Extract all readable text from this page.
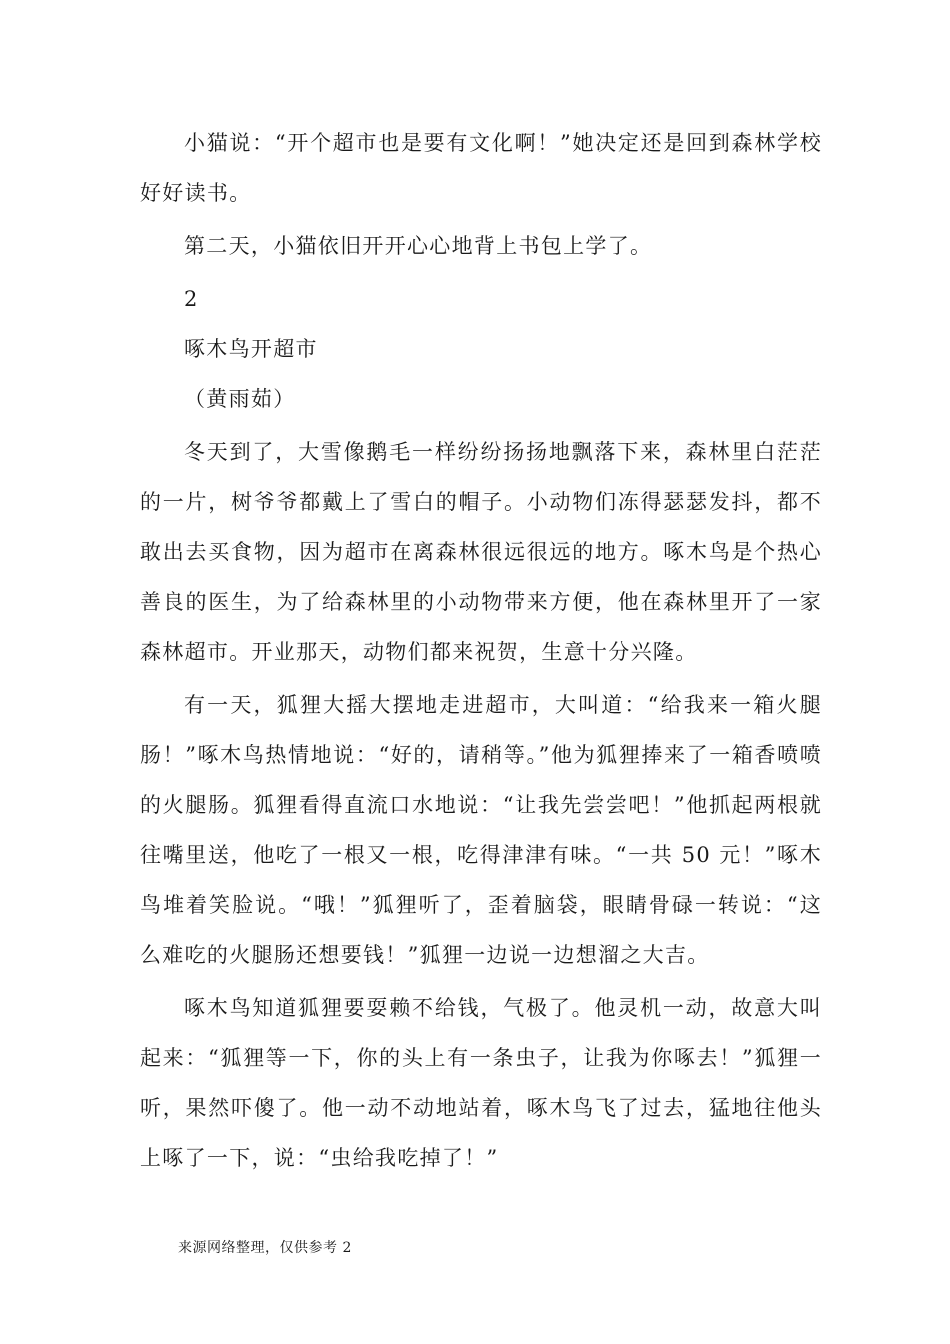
小猫说：“开个超市也是要有文化啊！”她决定还是回到森林学校好好读书。

第二天，小猫依旧开开心心地背上书包上学了。

2

啄木鸟开超市

（黄雨茹）

冬天到了，大雪像鹅毛一样纷纷扬扬地飘落下来，森林里白茫茫的一片，树爷爷都戴上了雪白的帽子。小动物们冻得瑟瑟发抖，都不敢出去买食物，因为超市在离森林很远很远的地方。啄木鸟是个热心善良的医生，为了给森林里的小动物带来方便，他在森林里开了一家森林超市。开业那天，动物们都来祝贺，生意十分兴隆。

有一天，狐狸大摇大摆地走进超市，大叫道：“给我来一箱火腿肠！”啄木鸟热情地说：“好的，请稍等。”他为狐狸捧来了一箱香喷喷的火腿肠。狐狸看得直流口水地说：“让我先尝尝吧！”他抓起两根就往嘴里送，他吃了一根又一根，吃得津津有味。“一共 50 元！”啄木鸟堆着笑脸说。“哦！”狐狸听了，歪着脑袋，眼睛骨碌一转说：“这么难吃的火腿肠还想要钱！”狐狸一边说一边想溜之大吉。

啄木鸟知道狐狸要耍赖不给钱，气极了。他灵机一动，故意大叫起来：“狐狸等一下，你的头上有一条虫子，让我为你啄去！”狐狸一听，果然吓傻了。他一动不动地站着，啄木鸟飞了过去，猛地往他头上啄了一下，说：“虫给我吃掉了！”

来源网络整理，仅供参考 2
